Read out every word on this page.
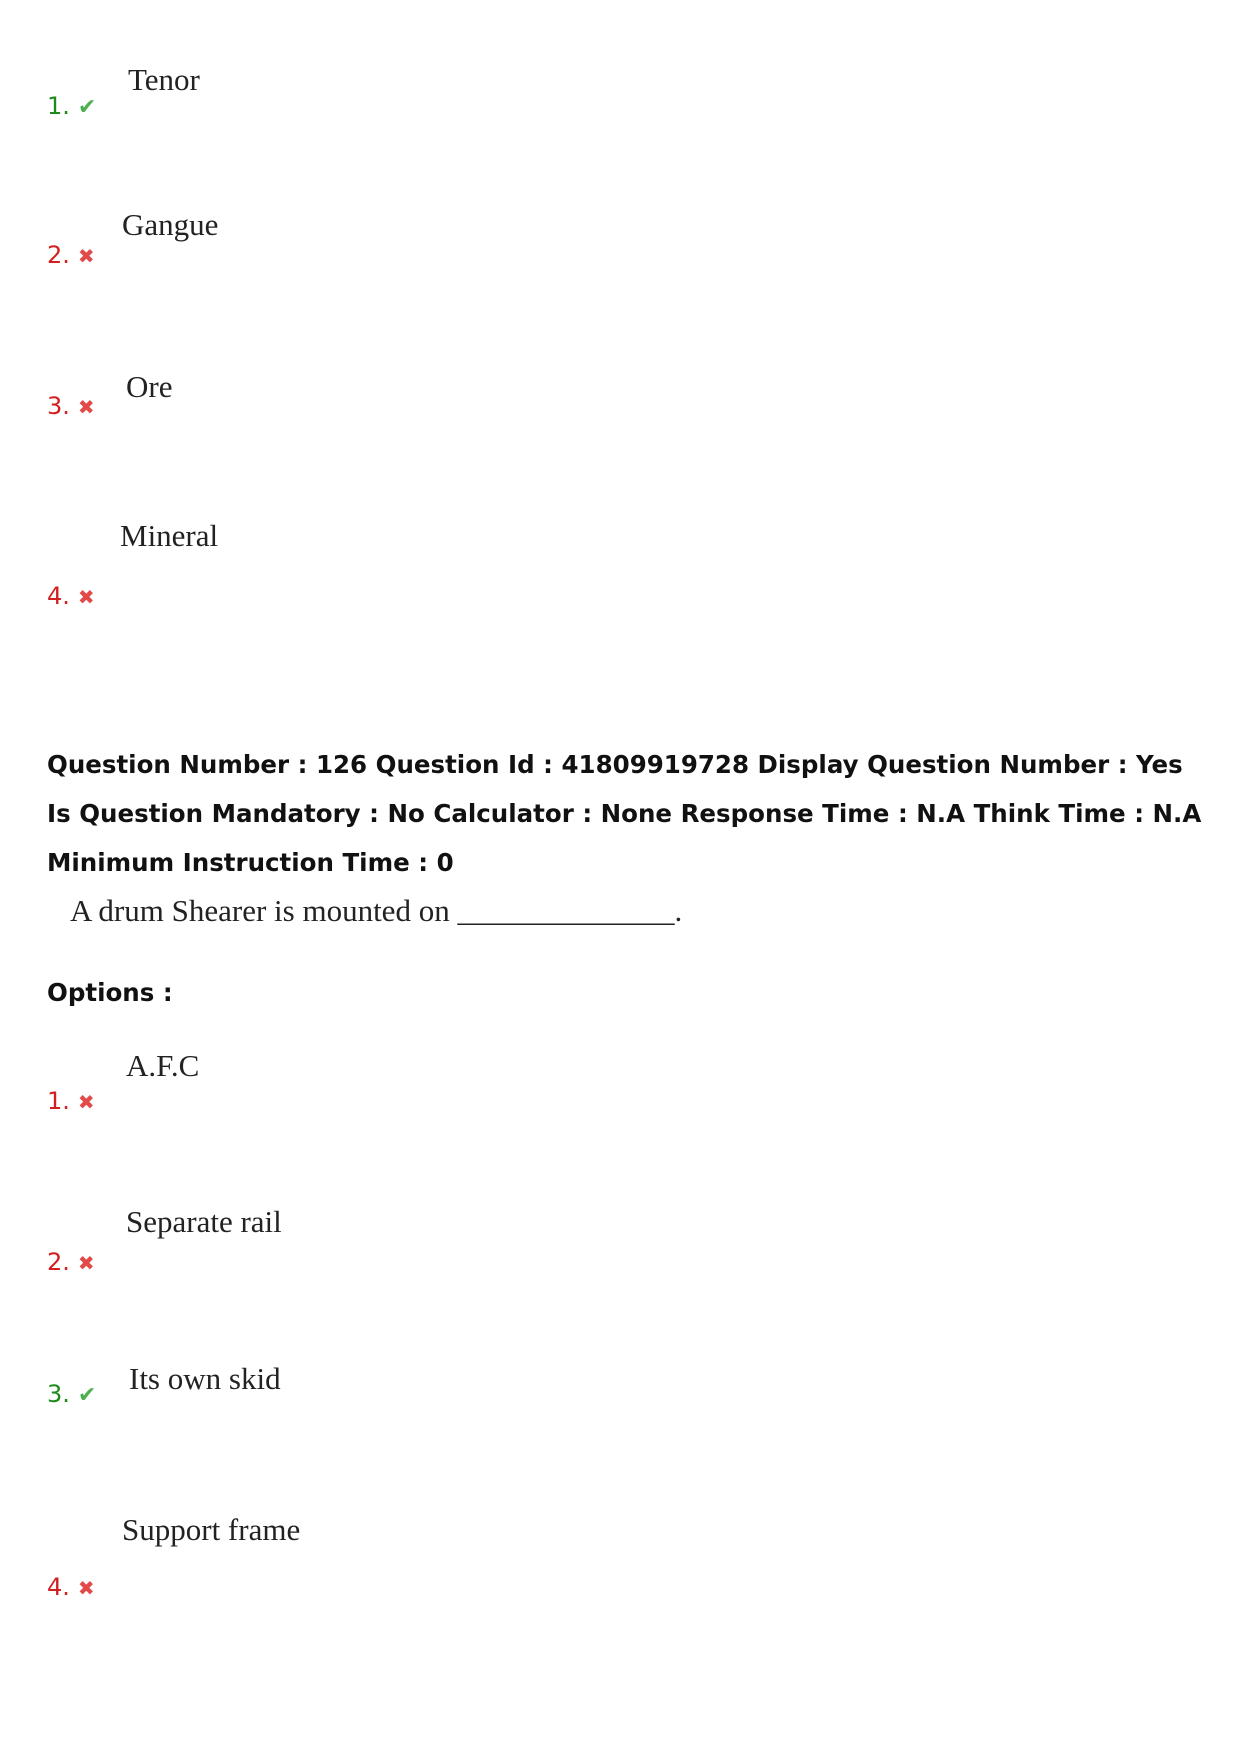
Tenor
1. ✔
Gangue
2. ✖
Ore
3. ✖
Mineral
4. ✖
Question Number : 126 Question Id : 41809919728 Display Question Number : Yes Is Question Mandatory : No Calculator : None Response Time : N.A Think Time : N.A Minimum Instruction Time : 0
A drum Shearer is mounted on ______________.
Options :
A.F.C
1. ✖
Separate rail
2. ✖
Its own skid
3. ✔
Support frame
4. ✖
